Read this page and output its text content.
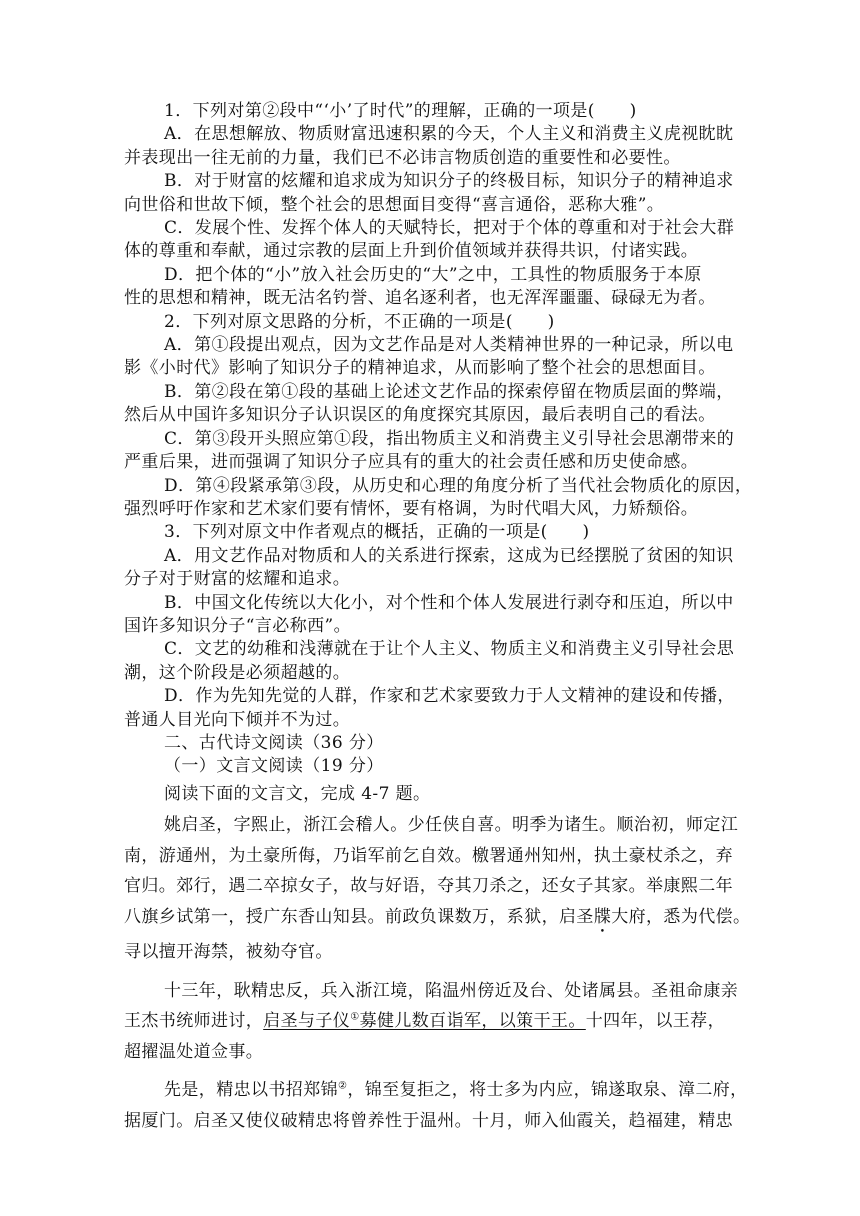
1．下列对第②段中“‘小’了时代”的理解，正确的一项是(　　)
A．在思想解放、物质财富迅速积累的今天，个人主义和消费主义虎视眈眈
并表现出一往无前的力量，我们已不必讳言物质创造的重要性和必要性。
B．对于财富的炫耀和追求成为知识分子的终极目标，知识分子的精神追求
向世俗和世故下倾，整个社会的思想面目变得“喜言通俗，恶称大雅”。
C．发展个性、发挥个体人的天赋特长，把对于个体的尊重和对于社会大群
体的尊重和奉献，通过宗教的层面上升到价值领域并获得共识，付诸实践。
D．把个体的“小”放入社会历史的“大”之中，工具性的物质服务于本原
性的思想和精神，既无沽名钓誉、追名逐利者，也无浑浑噩噩、碌碌无为者。
2．下列对原文思路的分析，不正确的一项是(　　)
A．第①段提出观点，因为文艺作品是对人类精神世界的一种记录，所以电
影《小时代》影响了知识分子的精神追求，从而影响了整个社会的思想面目。
B．第②段在第①段的基础上论述文艺作品的探索停留在物质层面的弊端，
然后从中国许多知识分子认识误区的角度探究其原因，最后表明自己的看法。
C．第③段开头照应第①段，指出物质主义和消费主义引导社会思潮带来的
严重后果，进而强调了知识分子应具有的重大的社会责任感和历史使命感。
D．第④段紧承第③段，从历史和心理的角度分析了当代社会物质化的原因，
强烈呼吁作家和艺术家们要有情怀，要有格调，为时代唱大风，力矫颓俗。
3．下列对原文中作者观点的概括，正确的一项是(　　)
A．用文艺作品对物质和人的关系进行探索，这成为已经摆脱了贫困的知识
分子对于财富的炫耀和追求。
B．中国文化传统以大化小，对个性和个体人发展进行剥夺和压迫，所以中
国许多知识分子“言必称西”。
C．文艺的幼稚和浅薄就在于让个人主义、物质主义和消费主义引导社会思
潮，这个阶段是必须超越的。
D．作为先知先觉的人群，作家和艺术家要致力于人文精神的建设和传播，
普通人目光向下倾并不为过。
二、古代诗文阅读（36 分）
（一）文言文阅读（19 分）
阅读下面的文言文，完成 4-7 题。
姚启圣，字熙止，浙江会稽人。少任侠自喜。明季为诸生。顺治初，师定江
南，游通州，为土豪所侮，乃诣军前乞自效。檄署通州知州，执土豪杖杀之，弃
官归。郊行，遇二卒掠女子，故与好语，夺其刀杀之，还女子其家。举康熙二年
八旗乡试第一，授广东香山知县。前政负课数万，系狱，启圣牒大府，悉为代偿。
寻以擅开海禁，被劾夺官。
十三年，耿精忠反，兵入浙江境，陷温州傍近及台、处诸属县。圣祖命康亲
王杰书统师进讨，启圣与子仪①募健儿数百诣军，以策干王。十四年，以王荐，
超擢温处道佥事。
先是，精忠以书招郑锦②，锦至复拒之，将士多为内应，锦遂取泉、漳二府，
据厦门。启圣又使仪破精忠将曾养性于温州。十月，师入仙霞关，趋福建，精忠
